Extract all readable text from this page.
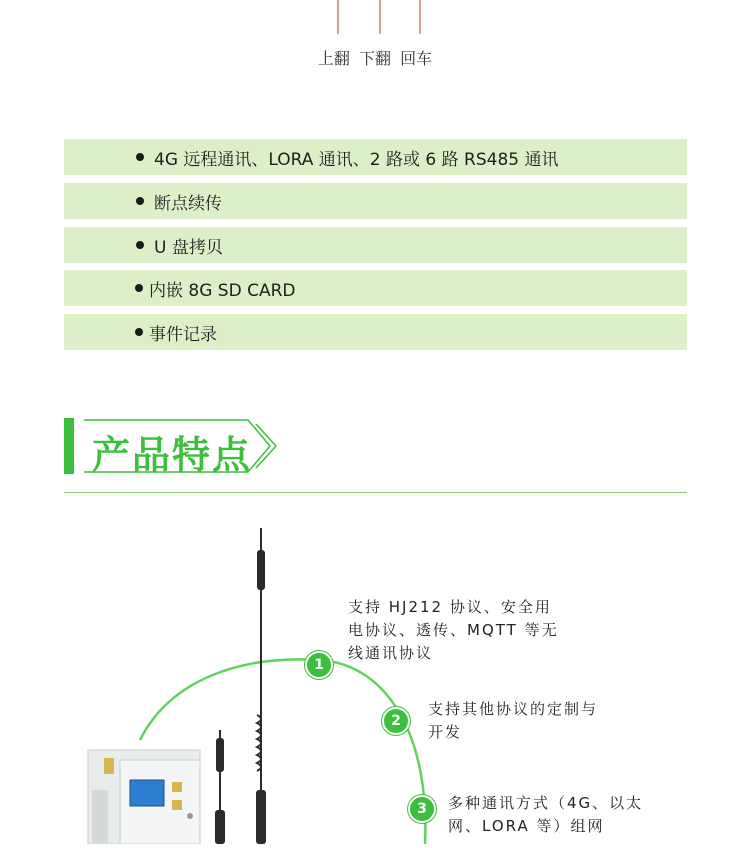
上翻 下翻 回车
4G 远程通讯、LORA 通讯、2 路或 6 路 RS485 通讯
断点续传
U 盘拷贝
内嵌 8G SD CARD
事件记录
产品特点
支持 HJ212 协议、安全用
电协议、透传、MQTT 等无
线通讯协议
1
支持其他协议的定制与
开发
2
多种通讯方式（4G、以太
网、LORA 等）组网
3
